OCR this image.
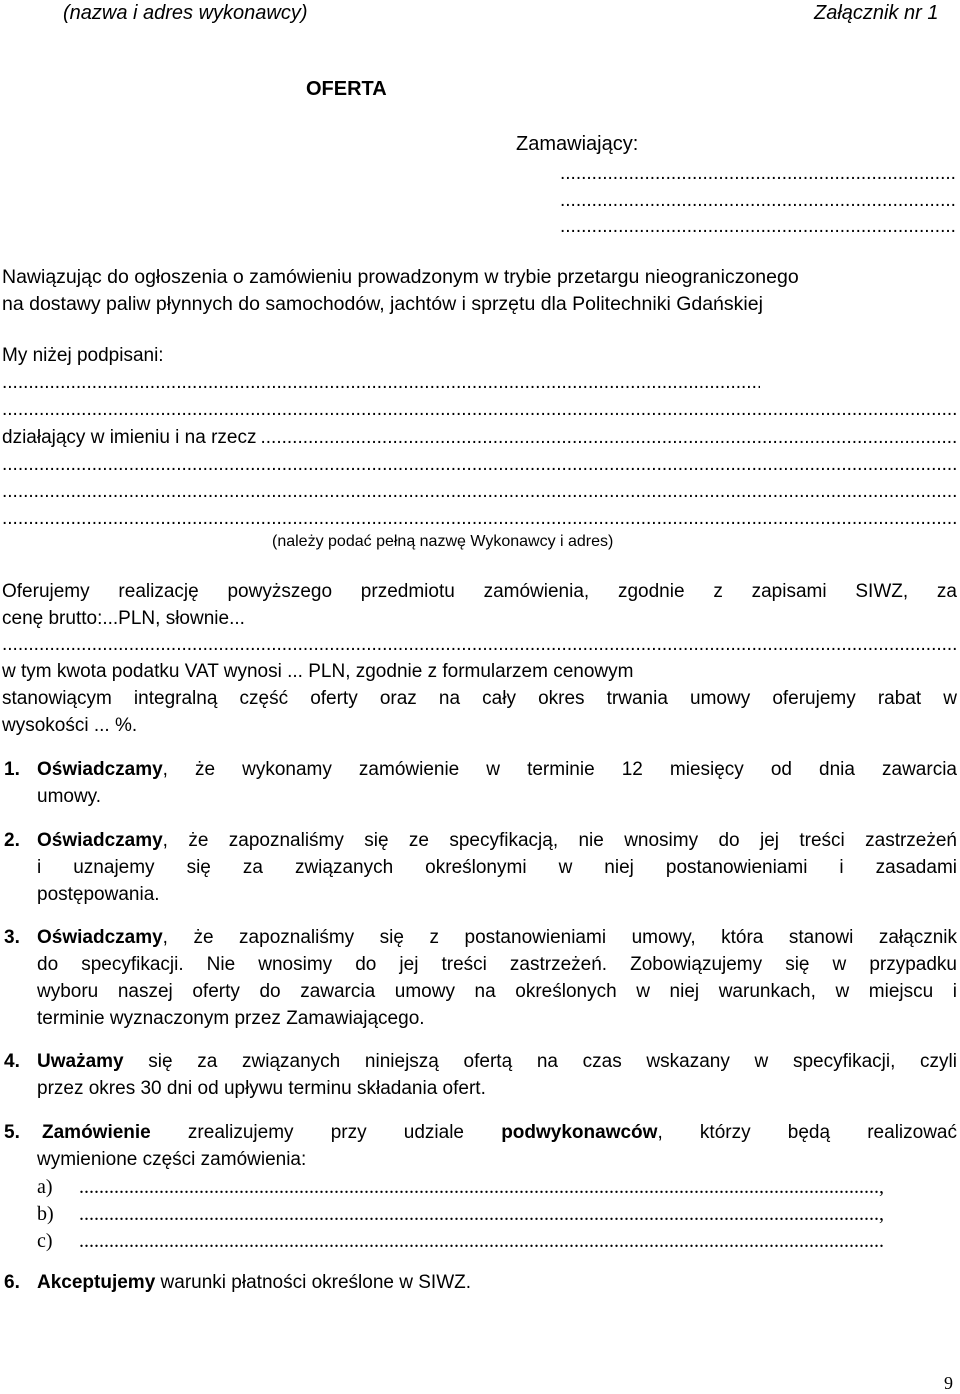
(nazwa i adres wykonawcy)	Załącznik nr 1
OFERTA
Zamawiający:
.....
.....
.....
Nawiązując do ogłoszenia o zamówieniu prowadzonym w trybie przetargu nieograniczonego
na dostawy paliw płynnych do samochodów, jachtów i sprzętu dla Politechniki Gdańskiej
My niżej podpisani:
.....
.....
działający w imieniu i na rzecz
.....
.....
.....
.....
(należy podać pełną nazwę Wykonawcy i adres)
Oferujemy realizację powyższego przedmiotu zamówienia, zgodnie z zapisami SIWZ, za
cenę brutto:...PLN, słownie...
.....
w tym kwota podatku VAT wynosi ... PLN, zgodnie z formularzem cenowym
stanowiącym integralną część oferty oraz na cały okres trwania umowy oferujemy rabat w
wysokości ... %.
1. Oświadczamy, że wykonamy zamówienie w terminie 12 miesięcy od dnia zawarcia
umowy.
2. Oświadczamy, że zapoznaliśmy się ze specyfikacją, nie wnosimy do jej treści zastrzeżeń
i uznajemy się za związanych określonymi w niej postanowieniami i zasadami
postępowania.
3. Oświadczamy, że zapoznaliśmy się z postanowieniami umowy, która stanowi załącznik
do specyfikacji. Nie wnosimy do jej treści zastrzeżeń. Zobowiązujemy się w przypadku
wyboru naszej oferty do zawarcia umowy na określonych w niej warunkach, w miejscu i
terminie wyznaczonym przez Zamawiającego.
4. Uważamy się za związanych niniejszą ofertą na czas wskazany w specyfikacji, czyli
przez okres 30 dni od upływu terminu składania ofert.
5. Zamówienie zrealizujemy przy udziale podwykonawców, którzy będą realizować
wymienione części zamówienia:
a) .....	,
b) .....	,
c)
.....
6. Akceptujemy warunki płatności określone w SIWZ.
9
